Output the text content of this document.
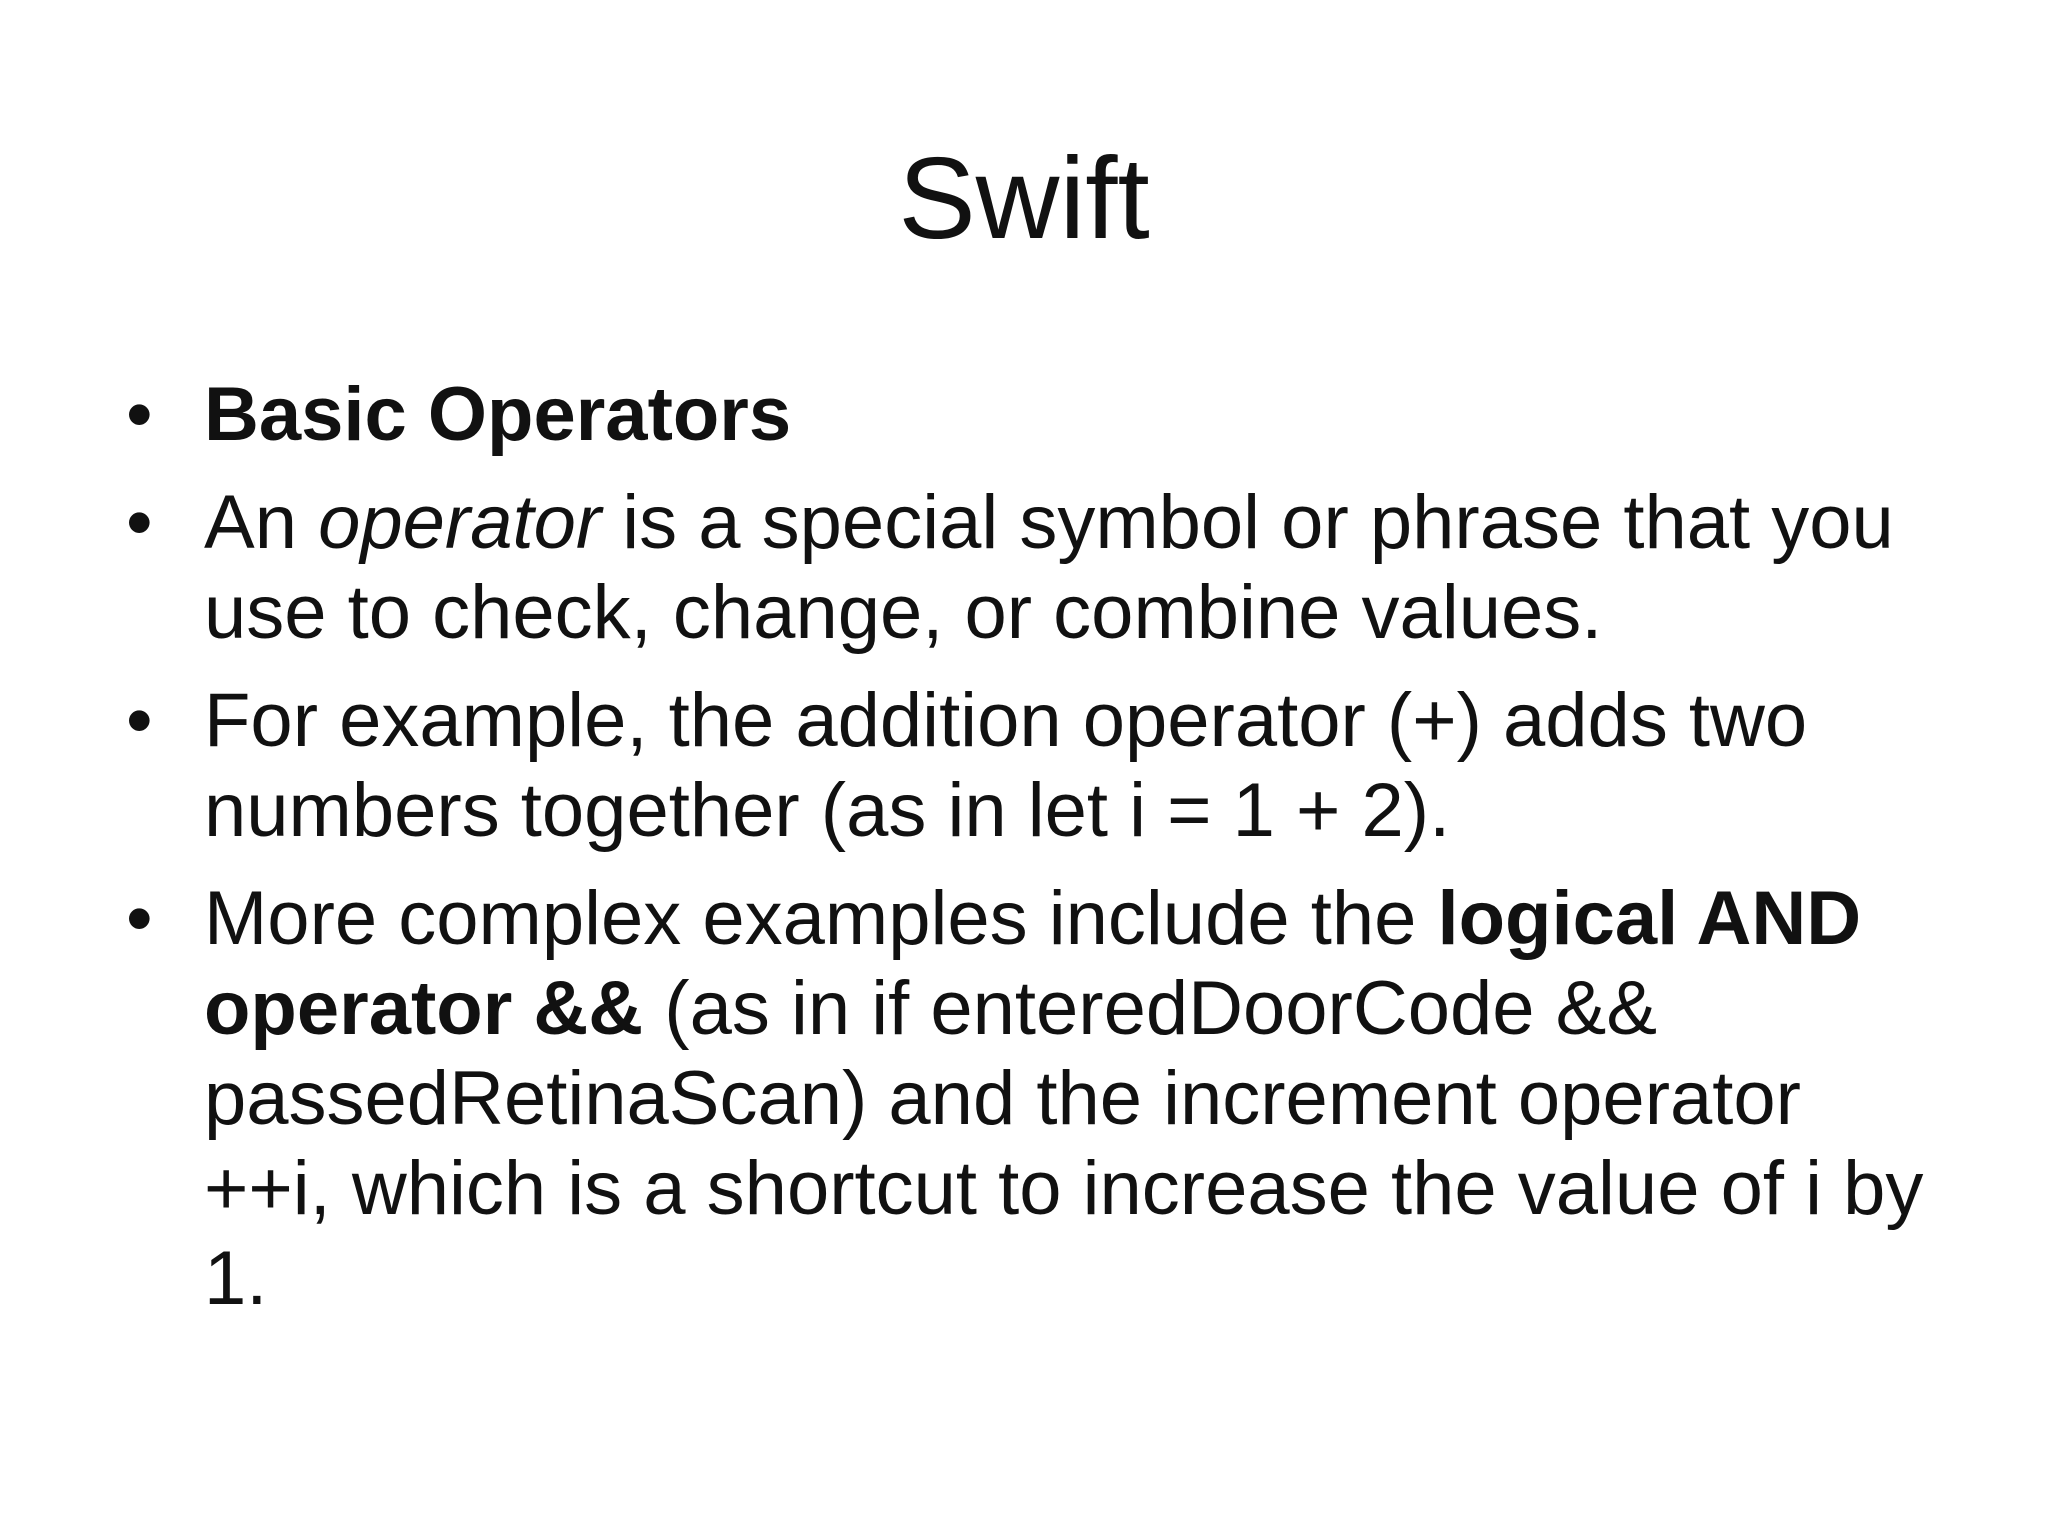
Swift
• Basic Operators
• An operator is a special symbol or phrase that you use to check, change, or combine values.
• For example, the addition operator (+) adds two numbers together (as in let i = 1 + 2).
• More complex examples include the logical AND operator && (as in if enteredDoorCode && passedRetinaScan) and the increment operator ++i, which is a shortcut to increase the value of i by 1.
